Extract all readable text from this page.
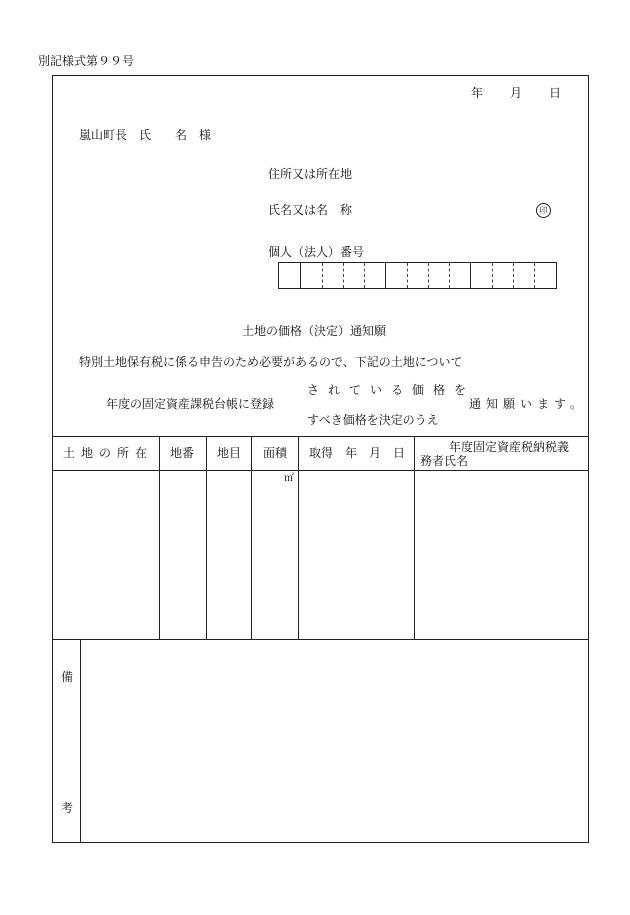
別記様式第９９号
年 月 日
嵐山町長　氏　　名　様
住所又は所在地
氏名又は名　称	印
個人（法人）番号
土地の価格（決定）通知願
特別土地保有税に係る申告のため必要があるので、下記の土地について
年度の固定資産課税台帳に登録
されている価格を
すべき価格を決定のうえ
通知願います。
土地の所在 地番 地目 面積 取得　年　月　日	年度固定資産税納税義
務者氏名
㎡
備
考
